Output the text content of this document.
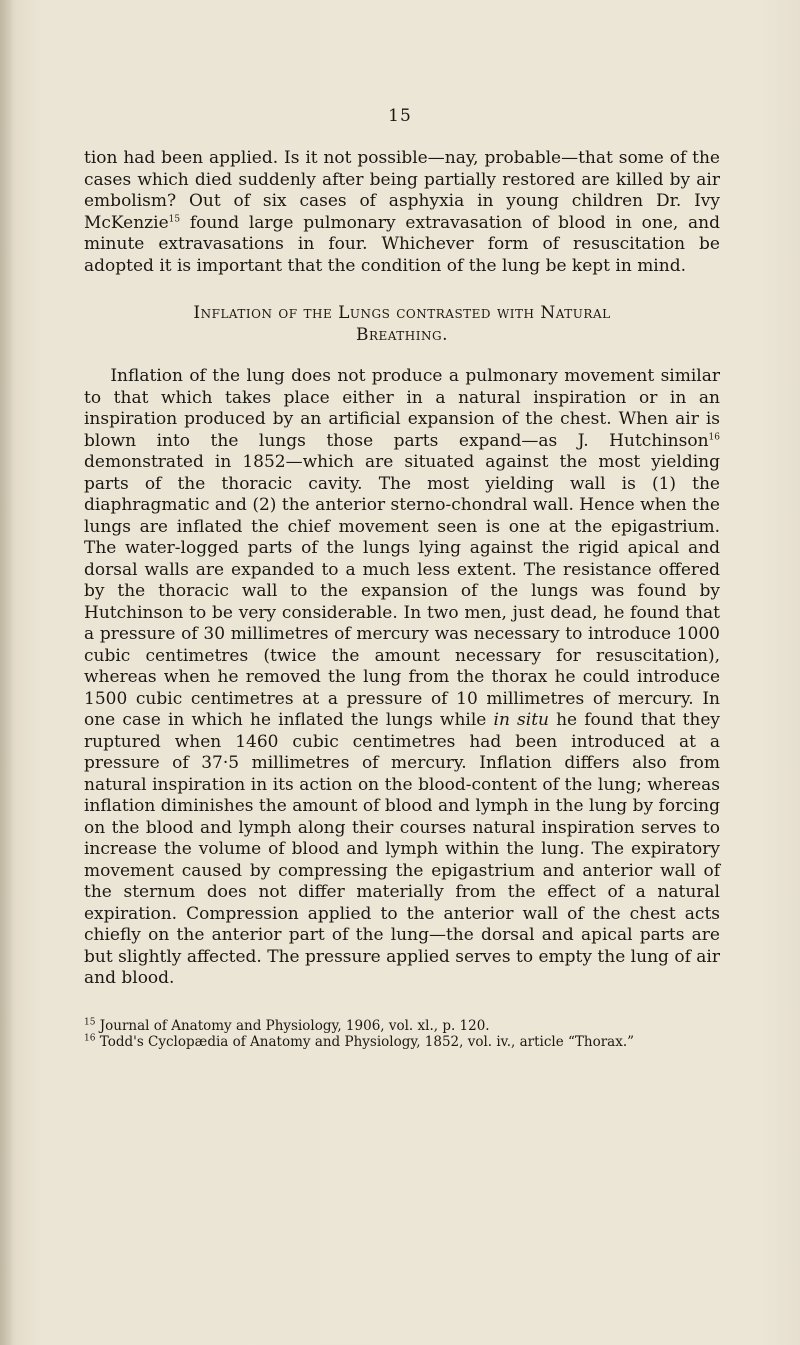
15

tion had been applied. Is it not possible—nay, probable—that some of the cases which died suddenly after being partially restored are killed by air embolism? Out of six cases of asphyxia in young children Dr. Ivy McKenzie$^{15}$ found large pulmonary extravasation of blood in one, and minute extravasations in four. Whichever form of resuscitation be adopted it is important that the condition of the lung be kept in mind.

Inflation of the Lungs contrasted with Natural
Breathing.

Inflation of the lung does not produce a pulmonary movement similar to that which takes place either in a natural inspiration or in an inspiration produced by an artificial expansion of the chest. When air is blown into the lungs those parts expand—as J. Hutchinson$^{16}$ demonstrated in 1852—which are situated against the most yielding parts of the thoracic cavity. The most yielding wall is (1) the diaphragmatic and (2) the anterior sterno-chondral wall. Hence when the lungs are inflated the chief movement seen is one at the epigastrium. The water-logged parts of the lungs lying against the rigid apical and dorsal walls are expanded to a much less extent. The resistance offered by the thoracic wall to the expansion of the lungs was found by Hutchinson to be very considerable. In two men, just dead, he found that a pressure of 30 millimetres of mercury was necessary to introduce 1000 cubic centimetres (twice the amount necessary for resuscitation), whereas when he removed the lung from the thorax he could introduce 1500 cubic centimetres at a pressure of 10 millimetres of mercury. In one case in which he inflated the lungs while in situ he found that they ruptured when 1460 cubic centimetres had been introduced at a pressure of 37·5 millimetres of mercury. Inflation differs also from natural inspiration in its action on the blood-content of the lung; whereas inflation diminishes the amount of blood and lymph in the lung by forcing on the blood and lymph along their courses natural inspiration serves to increase the volume of blood and lymph within the lung. The expiratory movement caused by compressing the epigastrium and anterior wall of the sternum does not differ materially from the effect of a natural expiration. Compression applied to the anterior wall of the chest acts chiefly on the anterior part of the lung—the dorsal and apical parts are but slightly affected. The pressure applied serves to empty the lung of air and blood.

$^{15}$ Journal of Anatomy and Physiology, 1906, vol. xl., p. 120.

$^{16}$ Todd's Cyclopædia of Anatomy and Physiology, 1852, vol. iv., article “Thorax.”
